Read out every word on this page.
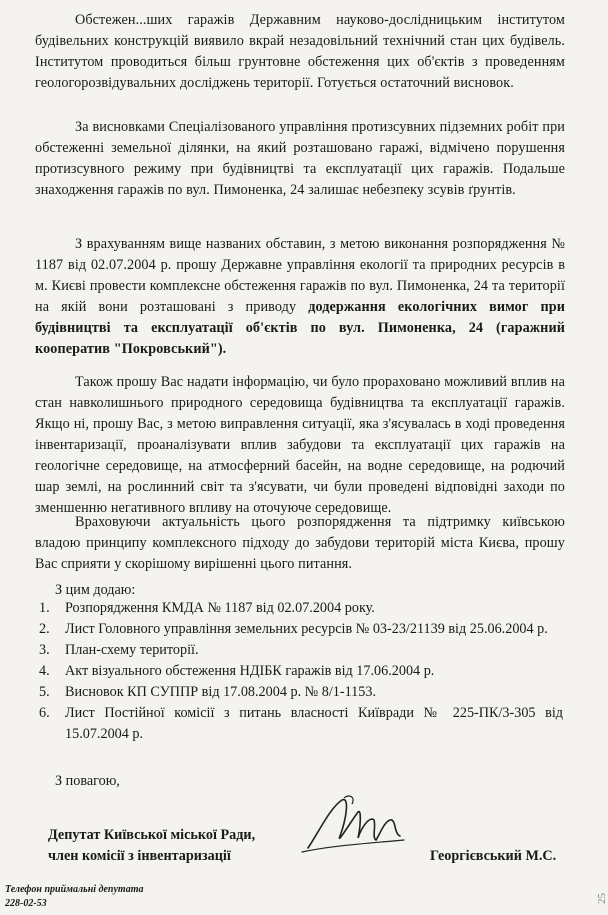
Обстежен...ших гаражів Державним науково-дослідницьким інститутом будівельних конструкцій виявило вкрай незадовільний технічний стан цих будівель. Інститутом проводиться більш грунтовне обстеження цих об'єктів з проведенням геологорозвідувальних досліджень території. Готується остаточний висновок.

За висновками Спеціалізованого управління протизсувних підземних робіт при обстеженні земельної ділянки, на який розташовано гаражі, відмічено порушення протизсувного режиму при будівництві та експлуатації цих гаражів. Подальше знаходження гаражів по вул. Пимоненка, 24 залишає небезпеку зсувів ґрунтів.

З врахуванням вище названих обставин, з метою виконання розпорядження № 1187 від 02.07.2004 р. прошу Державне управління екології та природних ресурсів в м. Києві провести комплексне обстеження гаражів по вул. Пимоненка, 24 та території на якій вони розташовані з приводу додержання екологічних вимог при будівництві та експлуатації об'єктів по вул. Пимоненка, 24 (гаражний кооператив "Покровський").

Також прошу Вас надати інформацію, чи було прораховано можливий вплив на стан навколишнього природного середовища будівництва та експлуатації гаражів. Якщо ні, прошу Вас, з метою виправлення ситуації, яка з'ясувалась в ході проведення інвентаризації, проаналізувати вплив забудови та експлуатації цих гаражів на геологічне середовище, на атмосферний басейн, на водне середовище, на родючий шар землі, на рослинний світ та з'ясувати, чи були проведені відповідні заходи по зменшенню негативного впливу на оточуюче середовище.

Враховуючи актуальність цього розпорядження та підтримку київською владою принципу комплексного підходу до забудови територій міста Києва, прошу Вас сприяти у скорішому вирішенні цього питання.

З цим додаю:

1.	Розпорядження КМДА № 1187 від 02.07.2004 року.
2.	Лист Головного управління земельних ресурсів № 03-23/21139 від 25.06.2004 р.
3.	План-схему території.
4.	Акт візуального обстеження НДІБК гаражів від 17.06.2004 р.
5.	Висновок КП СУППР від 17.08.2004 р. № 8/1-1153.
6.	Лист Постійної комісії з питань власності Київради № 225-ПК/3-305 від 15.07.2004 р.

З повагою,

Депутат Київської міської Ради,

член комісії з інвентаризації	Георгієвський М.С.

Телефон приймальні депутата

228-02-53	25
